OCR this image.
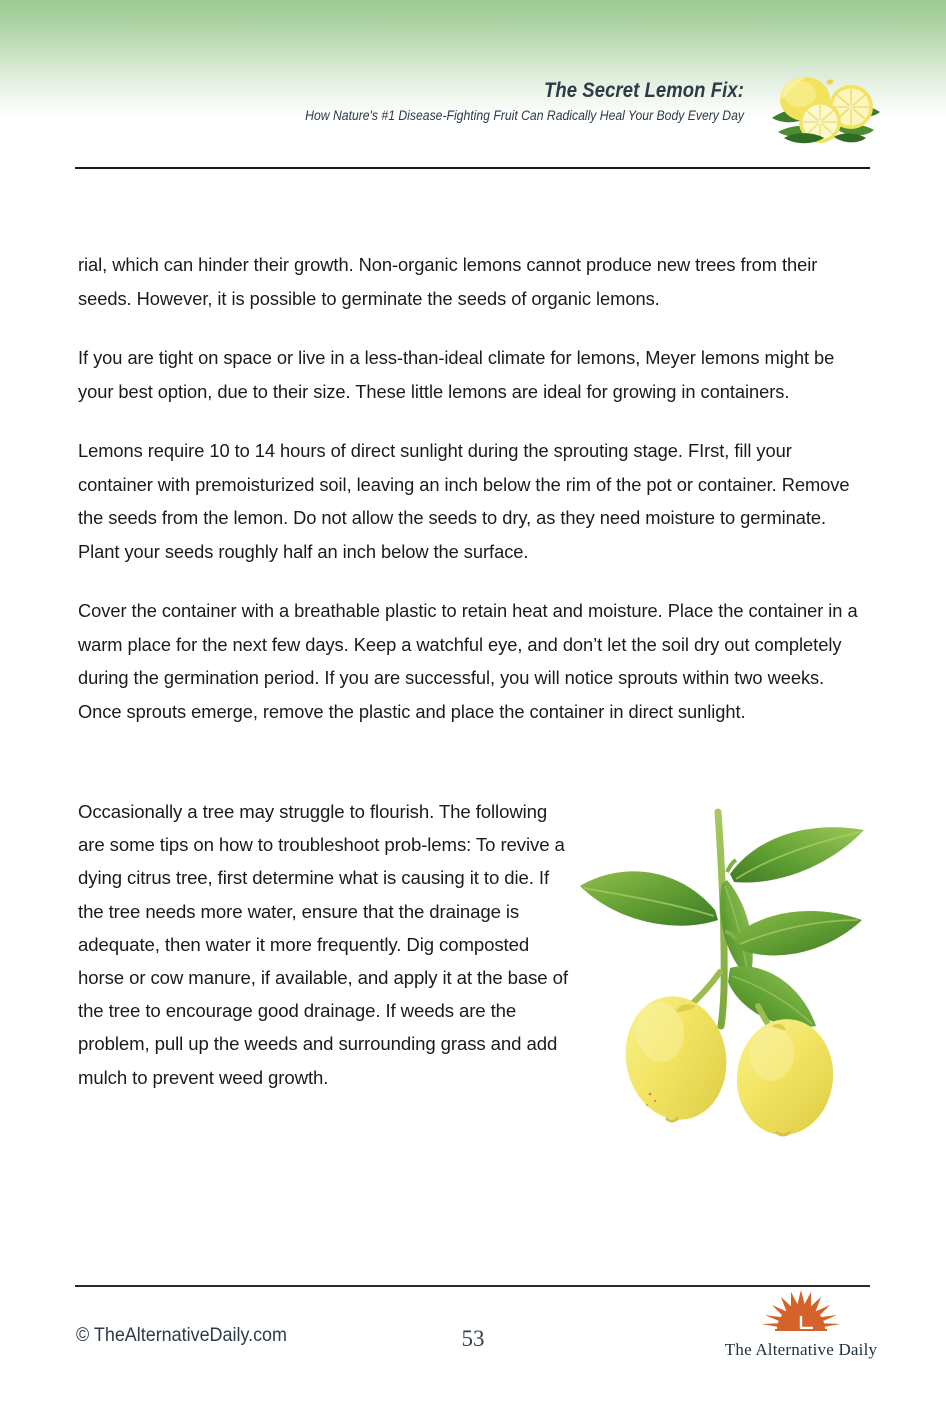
The Secret Lemon Fix:
How Nature's #1 Disease-Fighting Fruit Can Radically Heal Your Body Every Day

rial, which can hinder their growth. Non-organic lemons cannot produce new trees from their seeds. However, it is possible to germinate the seeds of organic lemons.

If you are tight on space or live in a less-than-ideal climate for lemons, Meyer lemons might be your best option, due to their size. These little lemons are ideal for growing in containers.

Lemons require 10 to 14 hours of direct sunlight during the sprouting stage. FIrst, fill your container with premoisturized soil, leaving an inch below the rim of the pot or container. Remove the seeds from the lemon. Do not allow the seeds to dry, as they need moisture to germinate. Plant your seeds roughly half an inch below the surface.

Cover the container with a breathable plastic to retain heat and moisture. Place the container in a warm place for the next few days. Keep a watchful eye, and don’t let the soil dry out completely during the germination period. If you are successful, you will notice sprouts within two weeks. Once sprouts emerge, remove the plastic and place the container in direct sunlight.

Occasionally a tree may struggle to flourish. The following are some tips on how to troubleshoot prob-lems: To revive a dying citrus tree, first determine what is causing it to die. If the tree needs more water, ensure that the drainage is adequate, then water it more frequently. Dig composted horse or cow manure, if available, and apply it at the base of the tree to encourage good drainage. If weeds are the problem, pull up the weeds and surrounding grass and add mulch to prevent weed growth.

© TheAlternativeDaily.com	53	The Alternative Daily
